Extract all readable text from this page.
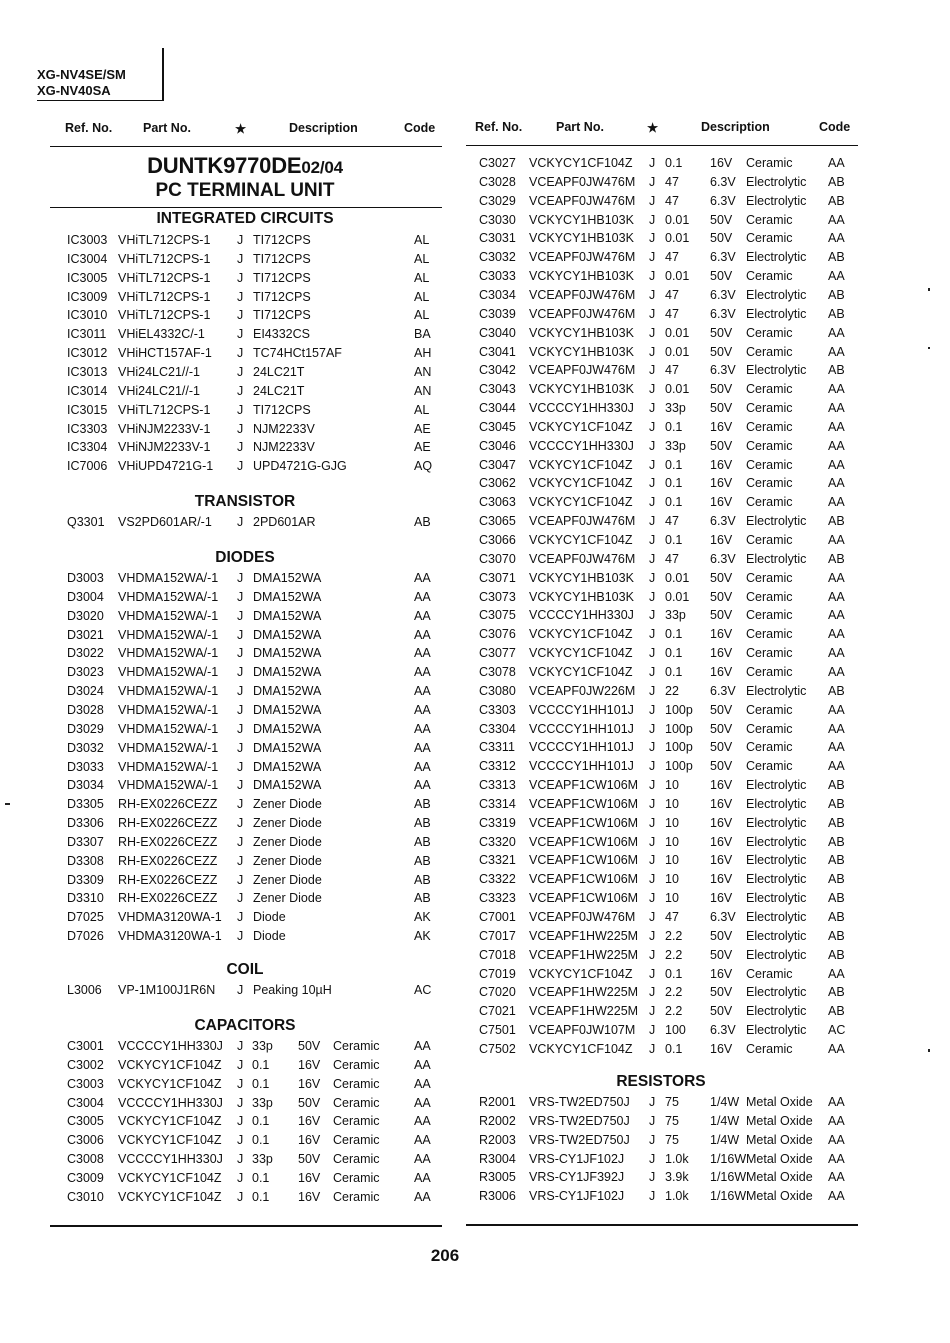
XG-NV4SE/SM
XG-NV40SA
Ref. No. Part No.	★	Description	Code	Ref. No.	Part No.	★	Description	Code
DUNTK9770DE02/04
PC TERMINAL UNIT
INTEGRATED CIRCUITS
TRANSISTOR
DIODES
COIL
CAPACITORS
RESISTORS
IC3003 VHiTL712CPS-1 J TI712CPS	AL
IC3004 VHiTL712CPS-1 J TI712CPS	AL
IC3005 VHiTL712CPS-1 J TI712CPS	AL
IC3009 VHiTL712CPS-1 J TI712CPS	AL
IC3010 VHiTL712CPS-1 J TI712CPS	AL
IC3011 VHiEL4332C/-1	J EI4332CS	BA
IC3012 VHiHCT157AF-1 J TC74HCt157AF	AH
IC3013 VHi24LC21//-1	J 24LC21T	AN
IC3014 VHi24LC21//-1	J 24LC21T	AN
IC3015 VHiTL712CPS-1 J TI712CPS	AL
IC3303 VHiNJM2233V-1 J NJM2233V	AE
IC3304 VHiNJM2233V-1 J NJM2233V	AE
IC7006 VHiUPD4721G-1 J UPD4721G-GJG	AQ
Q3301 VS2PD601AR/-1 J 2PD601AR	AB
D3003 VHDMA152WA/-1 J DMA152WA	AA
D3004 VHDMA152WA/-1 J DMA152WA	AA
D3020 VHDMA152WA/-1 J DMA152WA	AA
D3021 VHDMA152WA/-1 J DMA152WA	AA
D3022 VHDMA152WA/-1 J DMA152WA	AA
D3023 VHDMA152WA/-1 J DMA152WA	AA
D3024 VHDMA152WA/-1 J DMA152WA	AA
D3028 VHDMA152WA/-1 J DMA152WA	AA
D3029 VHDMA152WA/-1 J DMA152WA	AA
D3032 VHDMA152WA/-1 J DMA152WA	AA
D3033 VHDMA152WA/-1 J DMA152WA	AA
D3034 VHDMA152WA/-1 J DMA152WA	AA
D3305 RH-EX0226CEZZ J Zener Diode	AB
D3306 RH-EX0226CEZZ J Zener Diode	AB
D3307 RH-EX0226CEZZ J Zener Diode	AB
D3308 RH-EX0226CEZZ J Zener Diode	AB
D3309 RH-EX0226CEZZ J Zener Diode	AB
D3310 RH-EX0226CEZZ J Zener Diode	AB
D7025 VHDMA3120WA-1 J Diode	AK
D7026 VHDMA3120WA-1 J Diode	AK
L3006 VP-1M100J1R6N J Peaking 10µH	AC
C3001 VCCCCY1HH330J J 33p 50V Ceramic	AA
C3002 VCKYCY1CF104Z J 0.1 16V Ceramic	AA
C3003 VCKYCY1CF104Z J 0.1 16V Ceramic	AA
C3004 VCCCCY1HH330J J 33p 50V Ceramic	AA
C3005 VCKYCY1CF104Z J 0.1 16V Ceramic	AA
C3006 VCKYCY1CF104Z J 0.1 16V Ceramic	AA
C3008 VCCCCY1HH330J J 33p 50V Ceramic	AA
C3009 VCKYCY1CF104Z J 0.1 16V Ceramic	AA
C3010 VCKYCY1CF104Z J 0.1 16V Ceramic	AA
C3027 VCKYCY1CF104Z J 0.1 16V Ceramic	AA
C3028 VCEAPF0JW476M J 47 6.3V Electrolytic AB
C3029 VCEAPF0JW476M J 47 6.3V Electrolytic AB
C3030 VCKYCY1HB103K J 0.01 50V Ceramic	AA
C3031 VCKYCY1HB103K J 0.01 50V Ceramic	AA
C3032 VCEAPF0JW476M J 47 6.3V Electrolytic AB
C3033 VCKYCY1HB103K J 0.01 50V Ceramic	AA
C3034 VCEAPF0JW476M J 47 6.3V Electrolytic AB
C3039 VCEAPF0JW476M J 47 6.3V Electrolytic AB
C3040 VCKYCY1HB103K J 0.01 50V Ceramic	AA
C3041 VCKYCY1HB103K J 0.01 50V Ceramic	AA
C3042 VCEAPF0JW476M J 47 6.3V Electrolytic AB
C3043 VCKYCY1HB103K J 0.01 50V Ceramic	AA
C3044 VCCCCY1HH330J J 33p 50V Ceramic	AA
C3045 VCKYCY1CF104Z J 0.1 16V Ceramic	AA
C3046 VCCCCY1HH330J J 33p 50V Ceramic	AA
C3047 VCKYCY1CF104Z J 0.1 16V Ceramic	AA
C3062 VCKYCY1CF104Z J 0.1 16V Ceramic	AA
C3063 VCKYCY1CF104Z J 0.1 16V Ceramic	AA
C3065 VCEAPF0JW476M J 47 6.3V Electrolytic AB
C3066 VCKYCY1CF104Z J 0.1 16V Ceramic	AA
C3070 VCEAPF0JW476M J 47 6.3V Electrolytic AB
C3071 VCKYCY1HB103K J 0.01 50V Ceramic	AA
C3073 VCKYCY1HB103K J 0.01 50V Ceramic	AA
C3075 VCCCCY1HH330J J 33p 50V Ceramic	AA
C3076 VCKYCY1CF104Z J 0.1 16V Ceramic	AA
C3077 VCKYCY1CF104Z J 0.1 16V Ceramic	AA
C3078 VCKYCY1CF104Z J 0.1 16V Ceramic	AA
C3080 VCEAPF0JW226M J 22 6.3V Electrolytic AB
C3303 VCCCCY1HH101J J 100p 50V Ceramic	AA
C3304 VCCCCY1HH101J J 100p 50V Ceramic	AA
C3311 VCCCCY1HH101J J 100p 50V Ceramic	AA
C3312 VCCCCY1HH101J J 100p 50V Ceramic	AA
C3313 VCEAPF1CW106M J 10 16V Electrolytic AB
C3314 VCEAPF1CW106M J 10 16V Electrolytic AB
C3319 VCEAPF1CW106M J 10 16V Electrolytic AB
C3320 VCEAPF1CW106M J 10 16V Electrolytic AB
C3321 VCEAPF1CW106M J 10 16V Electrolytic AB
C3322 VCEAPF1CW106M J 10 16V Electrolytic AB
C3323 VCEAPF1CW106M J 10 16V Electrolytic AB
C7001 VCEAPF0JW476M J 47 6.3V Electrolytic AB
C7017 VCEAPF1HW225M J 2.2 50V Electrolytic AB
C7018 VCEAPF1HW225M J 2.2 50V Electrolytic AB
C7019 VCKYCY1CF104Z J 0.1 16V Ceramic	AA
C7020 VCEAPF1HW225M J 2.2 50V Electrolytic AB
C7021 VCEAPF1HW225M J 2.2 50V Electrolytic AB
C7501 VCEAPF0JW107M J 100 6.3V Electrolytic AC
C7502 VCKYCY1CF104Z J 0.1 16V Ceramic	AA
R2001 VRS-TW2ED750J J 75 1/4W Metal Oxide AA
R2002 VRS-TW2ED750J J 75 1/4W Metal Oxide AA
R2003 VRS-TW2ED750J J 75 1/4W Metal Oxide AA
R3004 VRS-CY1JF102J J 1.0k 1/16W Metal Oxide AA
R3005 VRS-CY1JF392J J 3.9k 1/16W Metal Oxide AA
R3006 VRS-CY1JF102J J 1.0k 1/16W Metal Oxide AA
206
